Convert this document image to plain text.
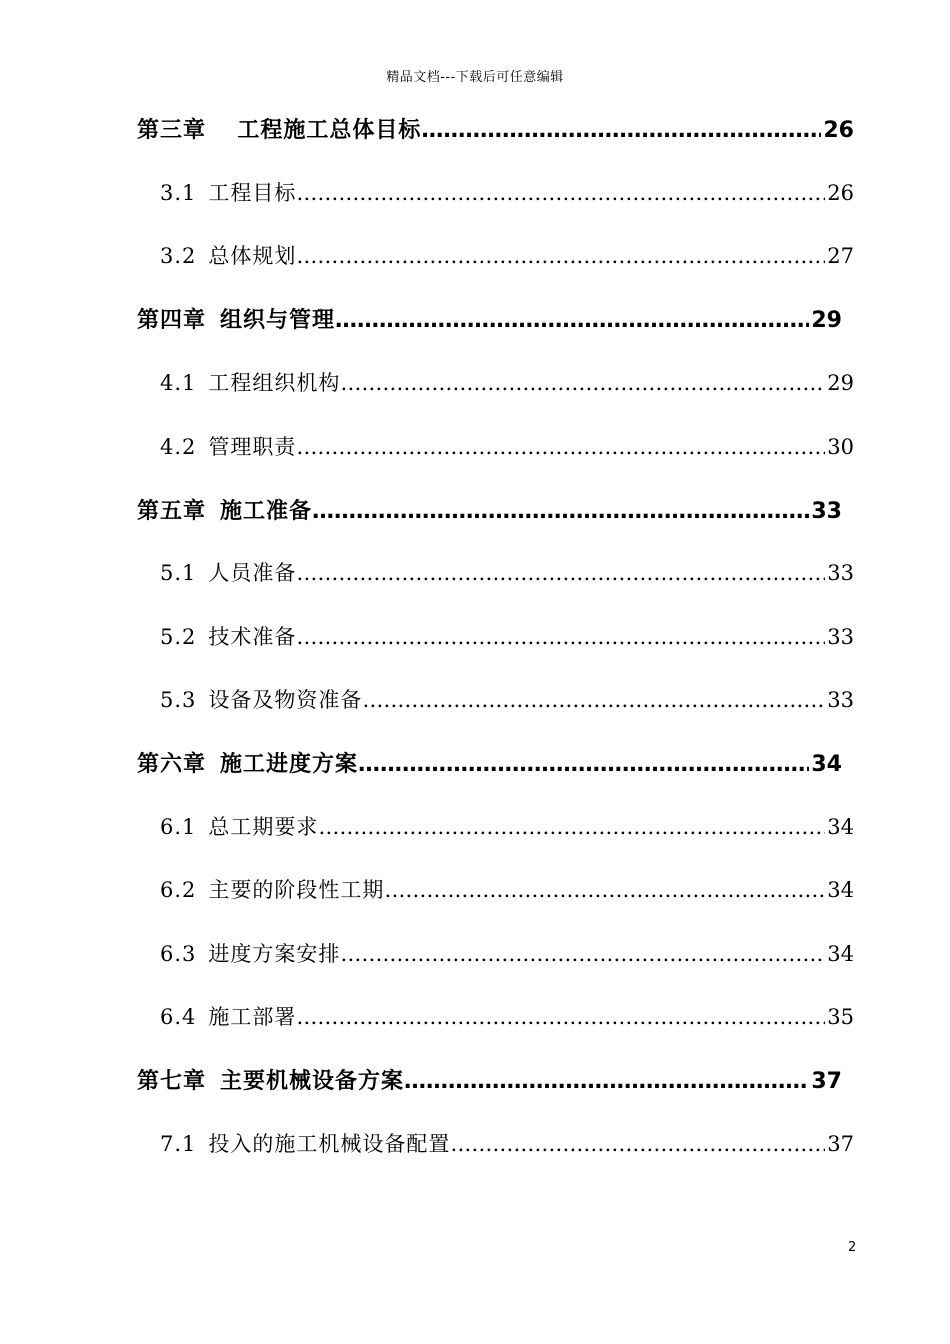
精品文档---下载后可任意编辑
第三章 工程施工总体目标 ……………………………………………………………………………………………………………………………………………………………………	26
3.1 工程目标 ……………………………………………………………………………………………………………………………………………………………………	26
3.2 总体规划 ……………………………………………………………………………………………………………………………………………………………………	27
第四章 组织与管理 ……………………………………………………………………………………………………………………………………………………………………	29
4.1 工程组织机构 ……………………………………………………………………………………………………………………………………………………………………	29
4.2 管理职责 ……………………………………………………………………………………………………………………………………………………………………	30
第五章 施工准备 ……………………………………………………………………………………………………………………………………………………………………	33
5.1 人员准备 ……………………………………………………………………………………………………………………………………………………………………	33
5.2 技术准备 ……………………………………………………………………………………………………………………………………………………………………	33
5.3 设备及物资准备 ……………………………………………………………………………………………………………………………………………………………………	33
第六章 施工进度方案 ……………………………………………………………………………………………………………………………………………………………………	34
6.1 总工期要求 ……………………………………………………………………………………………………………………………………………………………………	34
6.2 主要的阶段性工期 ……………………………………………………………………………………………………………………………………………………………………	34
6.3 进度方案安排 ……………………………………………………………………………………………………………………………………………………………………	34
6.4 施工部署 ……………………………………………………………………………………………………………………………………………………………………	35
第七章 主要机械设备方案 ……………………………………………………………………………………………………………………………………………………………………	37
7.1 投入的施工机械设备配置 ……………………………………………………………………………………………………………………………………………………………………	37
2
